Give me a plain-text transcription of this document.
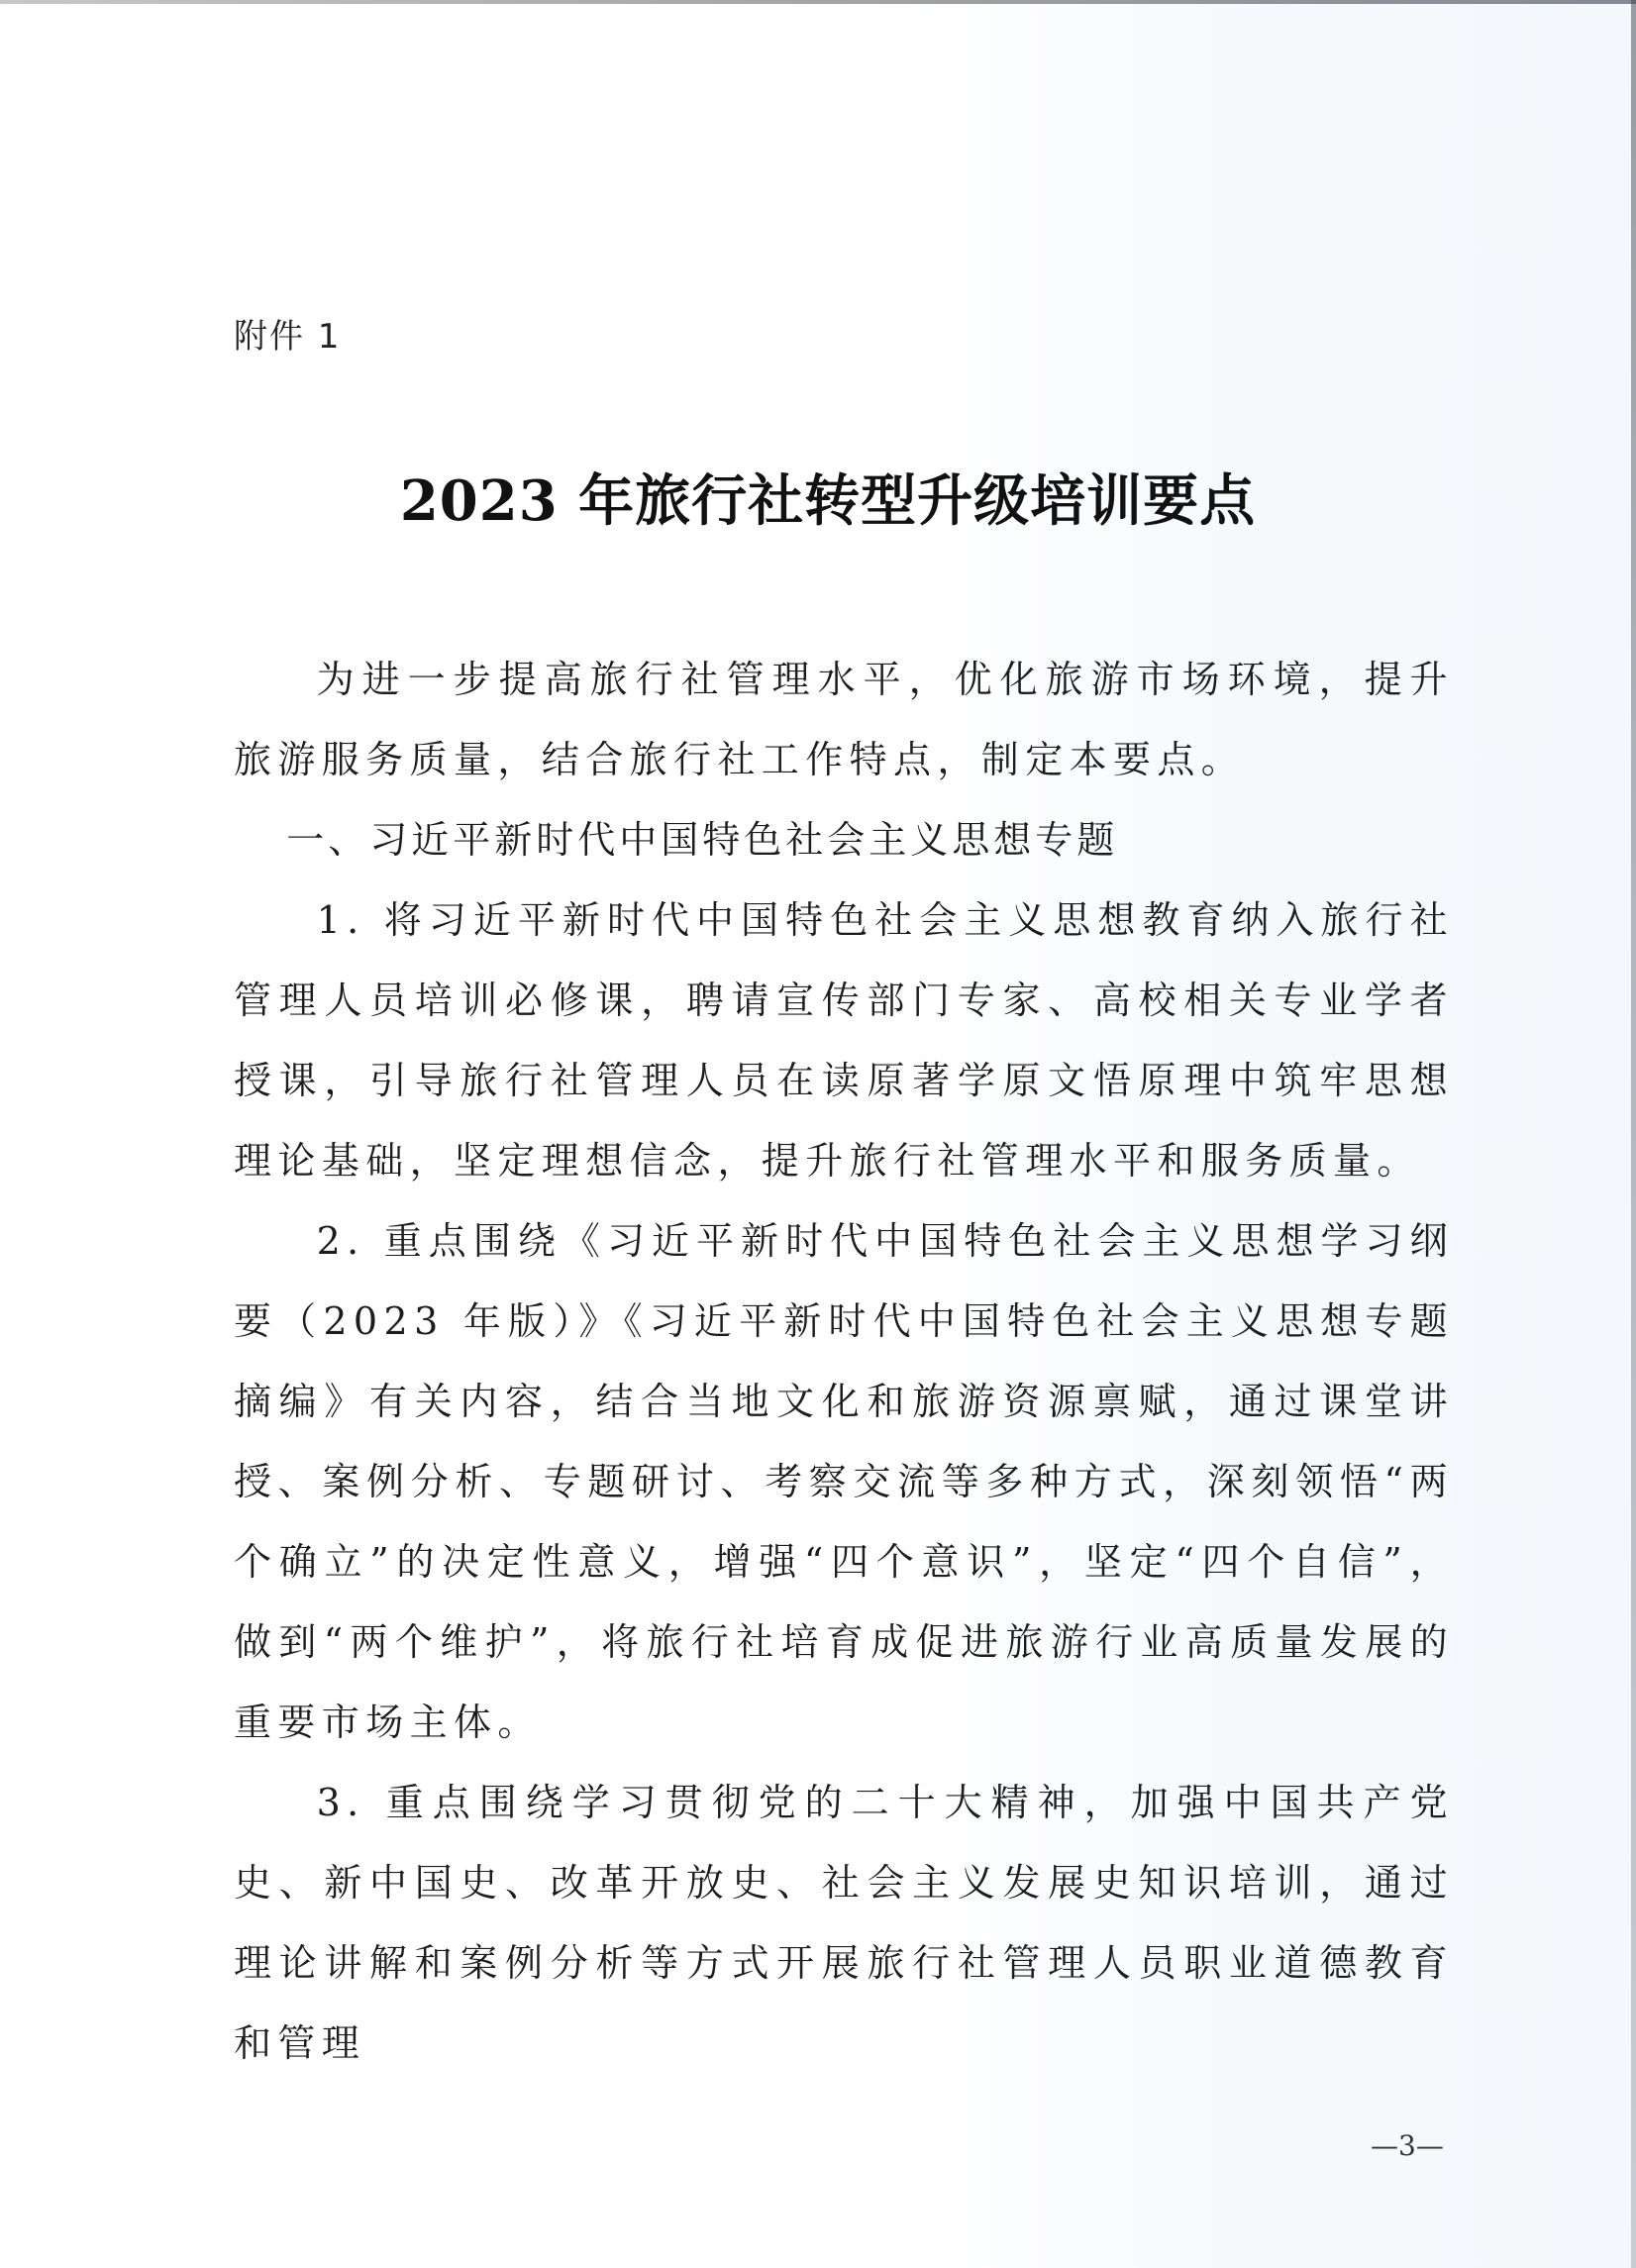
附件 1
2023 年旅行社转型升级培训要点

为进一步提高旅行社管理水平，优化旅游市场环境，提升旅游服务质量，结合旅行社工作特点，制定本要点。

一、习近平新时代中国特色社会主义思想专题

1. 将习近平新时代中国特色社会主义思想教育纳入旅行社管理人员培训必修课，聘请宣传部门专家、高校相关专业学者授课，引导旅行社管理人员在读原著学原文悟原理中筑牢思想理论基础，坚定理想信念，提升旅行社管理水平和服务质量。

2. 重点围绕《习近平新时代中国特色社会主义思想学习纲要（2023 年版）》《习近平新时代中国特色社会主义思想专题摘编》有关内容，结合当地文化和旅游资源禀赋，通过课堂讲授、案例分析、专题研讨、考察交流等多种方式，深刻领悟“两个确立”的决定性意义，增强“四个意识”，坚定“四个自信”，做到“两个维护”，将旅行社培育成促进旅游行业高质量发展的重要市场主体。

3. 重点围绕学习贯彻党的二十大精神，加强中国共产党史、新中国史、改革开放史、社会主义发展史知识培训，通过理论讲解和案例分析等方式开展旅行社管理人员职业道德教育和管理

—3—
